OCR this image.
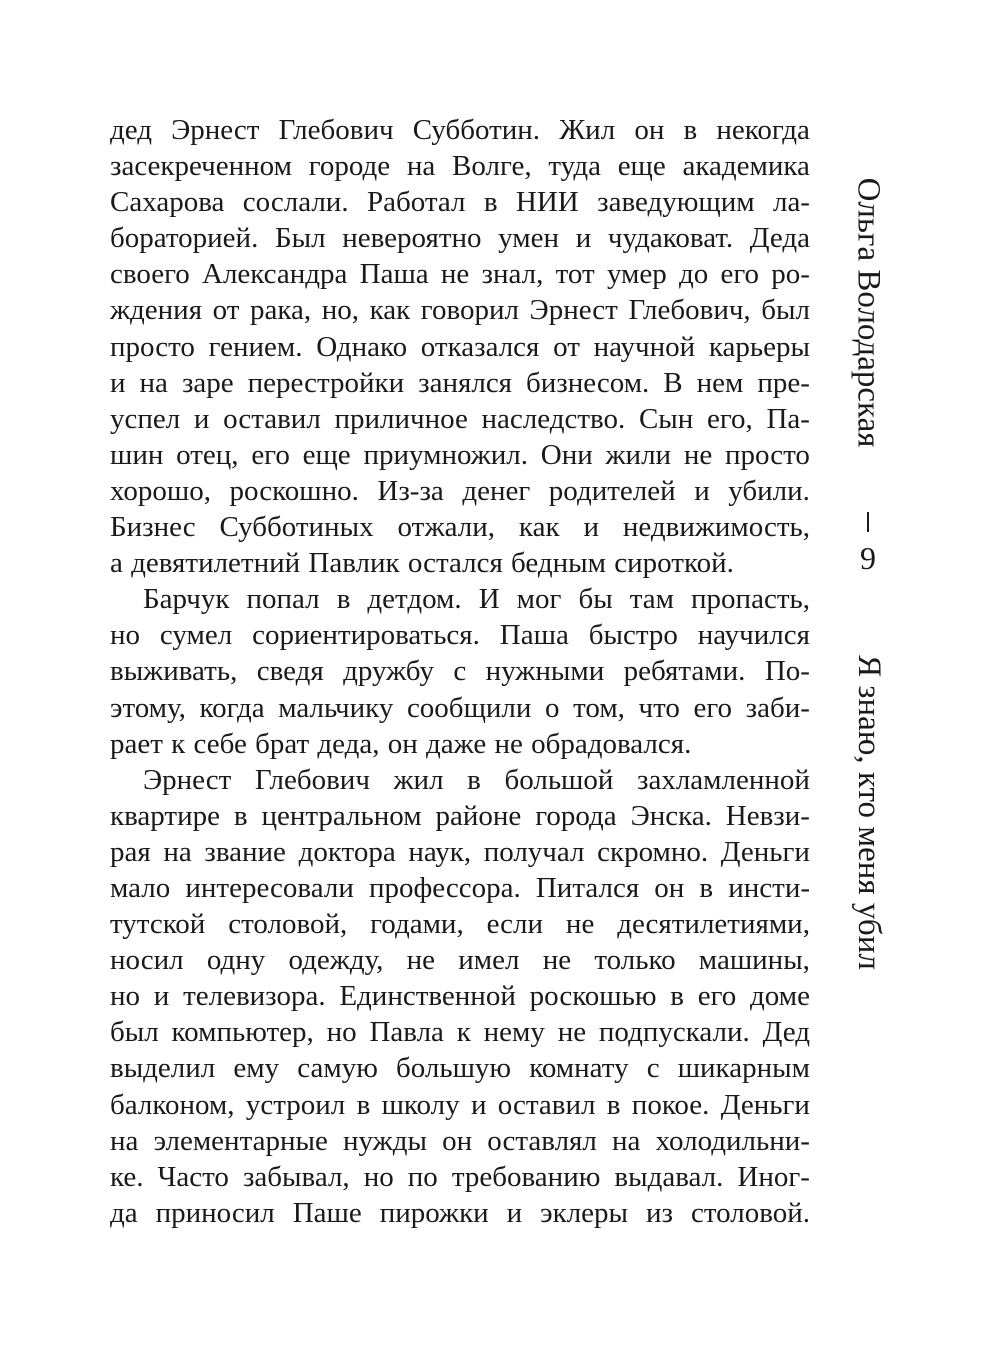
дед Эрнест Глебович Субботин. Жил он в некогда
засекреченном городе на Волге, туда еще академика
Сахарова сослали. Работал в НИИ заведующим ла-
бораторией. Был невероятно умен и чудаковат. Деда
своего Александра Паша не знал, тот умер до его ро-
ждения от рака, но, как говорил Эрнест Глебович, был
просто гением. Однако отказался от научной карьеры
и на заре перестройки занялся бизнесом. В нем пре-
успел и оставил приличное наследство. Сын его, Па-
шин отец, его еще приумножил. Они жили не просто
хорошо, роскошно. Из-за денег родителей и убили.
Бизнес Субботиных отжали, как и недвижимость,
а девятилетний Павлик остался бедным сироткой.
Барчук попал в детдом. И мог бы там пропасть,
но сумел сориентироваться. Паша быстро научился
выживать, сведя дружбу с нужными ребятами. По-
этому, когда мальчику сообщили о том, что его заби-
рает к себе брат деда, он даже не обрадовался.
Эрнест Глебович жил в большой захламленной
квартире в центральном районе города Энска. Невзи-
рая на звание доктора наук, получал скромно. Деньги
мало интересовали профессора. Питался он в инсти-
тутской столовой, годами, если не десятилетиями,
носил одну одежду, не имел не только машины,
но и телевизора. Единственной роскошью в его доме
был компьютер, но Павла к нему не подпускали. Дед
выделил ему самую большую комнату с шикарным
балконом, устроил в школу и оставил в покое. Деньги
на элементарные нужды он оставлял на холодильни-
ке. Часто забывал, но по требованию выдавал. Иног-
да приносил Паше пирожки и эклеры из столовой.
Ольга Володарская
9
Я знаю, кто меня убил
